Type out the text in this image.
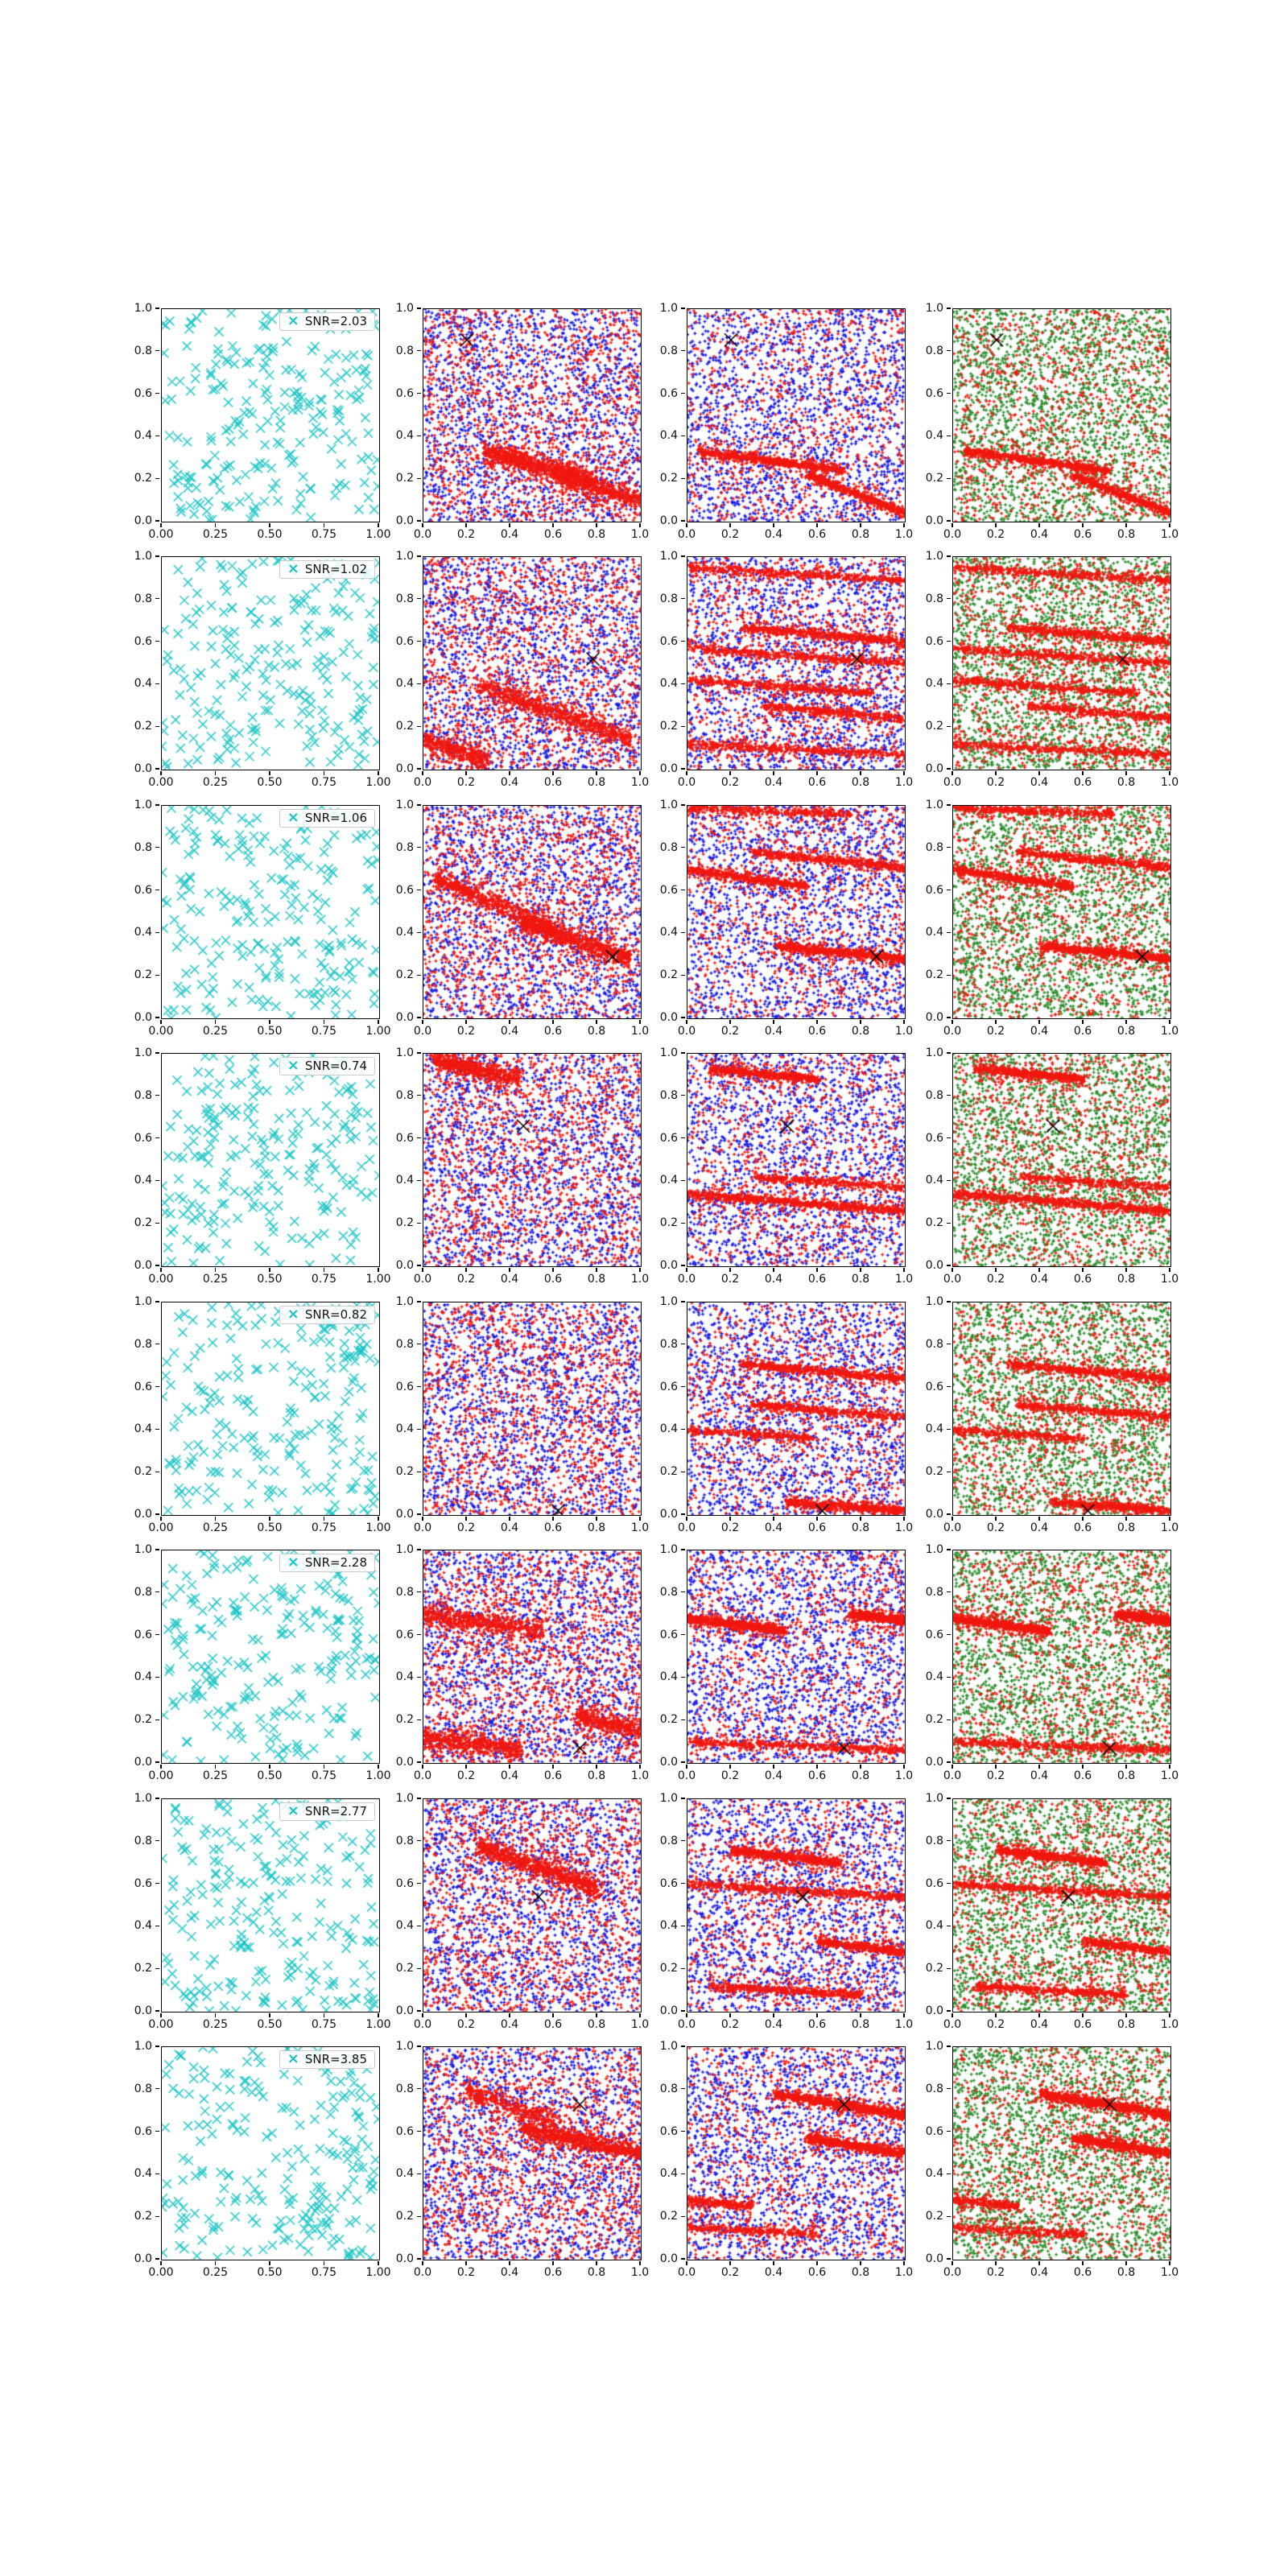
× SNR=2.03
0.0
0.2
0.4
0.6
0.8
1.0
0.00	0.25	0.50	0.75	1.00
0.0
0.2
0.4
0.6
0.8
1.0
0.0 0.2 0.4 0.6 0.8 1.0
0.0
0.2
0.4
0.6
0.8
1.0
0.0 0.2 0.4 0.6 0.8 1.0
0.0
0.2
0.4
0.6
0.8
1.0
0.0 0.2 0.4 0.6 0.8 1.0
× SNR=1.02
0.0
0.2
0.4
0.6
0.8
1.0
0.00	0.25	0.50	0.75	1.00
0.0
0.2
0.4
0.6
0.8
1.0
0.0 0.2 0.4 0.6 0.8 1.0
0.0
0.2
0.4
0.6
0.8
1.0
0.0 0.2 0.4 0.6 0.8 1.0
0.0
0.2
0.4
0.6
0.8
1.0
0.0 0.2 0.4 0.6 0.8 1.0
× SNR=1.06
0.0
0.2
0.4
0.6
0.8
1.0
0.00	0.25	0.50	0.75	1.00
0.0
0.2
0.4
0.6
0.8
1.0
0.0 0.2 0.4 0.6 0.8 1.0
0.0
0.2
0.4
0.6
0.8
1.0
0.0 0.2 0.4 0.6 0.8 1.0
0.0
0.2
0.4
0.6
0.8
1.0
0.0 0.2 0.4 0.6 0.8 1.0
× SNR=0.74
0.0
0.2
0.4
0.6
0.8
1.0
0.00	0.25	0.50	0.75	1.00
0.0
0.2
0.4
0.6
0.8
1.0
0.0 0.2 0.4 0.6 0.8 1.0
0.0
0.2
0.4
0.6
0.8
1.0
0.0 0.2 0.4 0.6 0.8 1.0
0.0
0.2
0.4
0.6
0.8
1.0
0.0 0.2 0.4 0.6 0.8 1.0
× SNR=0.82
0.0
0.2
0.4
0.6
0.8
1.0
0.00	0.25	0.50	0.75	1.00
0.0
0.2
0.4
0.6
0.8
1.0
0.0 0.2 0.4 0.6 0.8 1.0
0.0
0.2
0.4
0.6
0.8
1.0
0.0 0.2 0.4 0.6 0.8 1.0
0.0
0.2
0.4
0.6
0.8
1.0
0.0 0.2 0.4 0.6 0.8 1.0
× SNR=2.28
0.0
0.2
0.4
0.6
0.8
1.0
0.00	0.25	0.50	0.75	1.00
0.0
0.2
0.4
0.6
0.8
1.0
0.0 0.2 0.4 0.6 0.8 1.0
0.0
0.2
0.4
0.6
0.8
1.0
0.0 0.2 0.4 0.6 0.8 1.0
0.0
0.2
0.4
0.6
0.8
1.0
0.0 0.2 0.4 0.6 0.8 1.0
× SNR=2.77
0.0
0.2
0.4
0.6
0.8
1.0
0.00	0.25	0.50	0.75	1.00
0.0
0.2
0.4
0.6
0.8
1.0
0.0 0.2 0.4 0.6 0.8 1.0
0.0
0.2
0.4
0.6
0.8
1.0
0.0 0.2 0.4 0.6 0.8 1.0
0.0
0.2
0.4
0.6
0.8
1.0
0.0 0.2 0.4 0.6 0.8 1.0
× SNR=3.85
0.0
0.2
0.4
0.6
0.8
1.0
0.00	0.25	0.50	0.75	1.00
0.0
0.2
0.4
0.6
0.8
1.0
0.0 0.2 0.4 0.6 0.8 1.0
0.0
0.2
0.4
0.6
0.8
1.0
0.0 0.2 0.4 0.6 0.8 1.0
0.0
0.2
0.4
0.6
0.8
1.0
0.0 0.2 0.4 0.6 0.8 1.0
